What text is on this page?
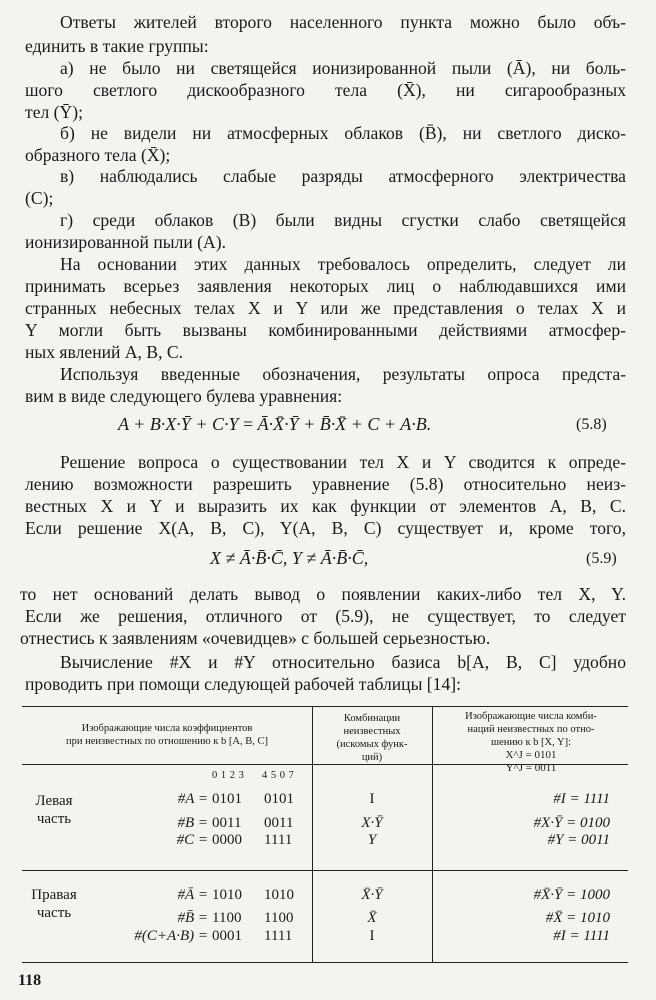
Ответы жителей второго населенного пункта можно было объ-
единить в такие группы:
а) не было ни светящейся ионизированной пыли (Ā), ни боль-
шого светлого дискообразного тела (X̄), ни сигарообразных
тел (Ȳ);
б) не видели ни атмосферных облаков (B̄), ни светлого диско-
образного тела (X̄);
в) наблюдались слабые разряды атмосферного электричества
(C);
г) среди облаков (B) были видны сгустки слабо светящейся
ионизированной пыли (A).
На основании этих данных требовалось определить, следует ли
принимать всерьез заявления некоторых лиц о наблюдавшихся ими
странных небесных телах X и Y или же представления о телах X и
Y могли быть вызваны комбинированными действиями атмосфер-
ных явлений A, B, C.
Используя введенные обозначения, результаты опроса предста-
вим в виде следующего булева уравнения:
A + B·X·Ȳ + C·Y = Ā·X̄·Ȳ + B̄·X̄ + C + A·B.	(5.8)
Решение вопроса о существовании тел X и Y сводится к опреде-
лению возможности разрешить уравнение (5.8) относительно неиз-
вестных X и Y и выразить их как функции от элементов A, B, C.
Если решение X(A, B, C), Y(A, B, C) существует и, кроме того,
X ≠ Ā·B̄·C̄, Y ≠ Ā·B̄·C̄,	(5.9)
то нет оснований делать вывод о появлении каких-либо тел X, Y.
Если же решения, отличного от (5.9), не существует, то следует
отнестись к заявлениям «очевидцев» с большей серьезностью.
Вычисление #X и #Y относительно базиса b[A, B, C] удобно
проводить при помощи следующей рабочей таблицы [14]:
Изображающие числа коэффициентов
при неизвестных по отношению к b [A, B, C]
Комбинации
неизвестных
(искомых функ-
ций)
Изображающие числа комби-
наций неизвестных по отно-
шению к b [X, Y]:
X^J = 0101
Y^J = 0011
0 1 2 3 4 5 0 7
Левая
часть
#A = 0101 0101	I	#I = 1111
#B = 0011 0011	X·Ȳ	#X·Ȳ = 0100
#C = 0000 1111	Y	#Y = 0011
Правая
часть
#Ā = 1010 1010	X̄·Ȳ	#X̄·Ȳ = 1000
#B̄ = 1100 1100	X̄	#X̄ = 1010
#(C+A·B) = 0001 1111	I	#I = 1111
118
